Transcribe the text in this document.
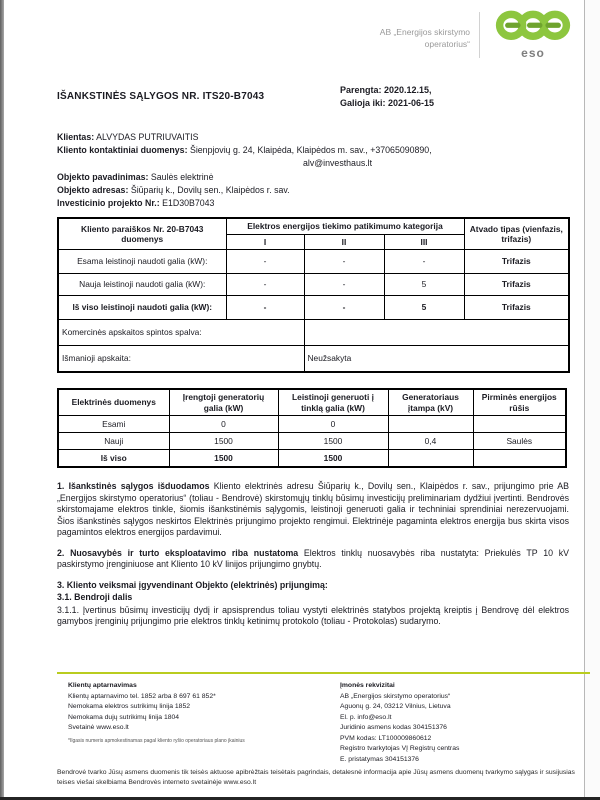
AB „Energijos skirstymo operatorius“
eso
IŠANKSTINĖS SĄLYGOS NR. ITS20-B7043
Parengta: 2020.12.15,
Galioja iki: 2021-06-15
Klientas: ALVYDAS PUTRIUVAITIS
Kliento kontaktiniai duomenys: Šienpjovių g. 24, Klaipėda, Klaipėdos m. sav., +37065090890,
alv@investhaus.lt
Objekto pavadinimas: Saulės elektrinė
Objekto adresas: Šiūparių k., Dovilų sen., Klaipėdos r. sav.
Investicinio projekto Nr.: E1D30B7043
Kliento paraiškos Nr. 20-B7043 duomenys	Elektros energijos tiekimo patikimumo kategorija			Atvado tipas (vienfazis, trifazis)
	I	II	III	
Esama leistinoji naudoti galia (kW):	-	-	-	Trifazis
Nauja leistinoji naudoti galia (kW):	-	-	5	Trifazis
Iš viso leistinoji naudoti galia (kW):	-	-	5	Trifazis
Komercinės apskaitos spintos spalva:				
Išmanioji apskaita:		Neužsakyta		
Elektrinės duomenys	Įrengtoji generatorių galia (kW)	Leistinoji generuoti į tinklą galia (kW)	Generatoriaus įtampa (kV)	Pirminės energijos rūšis
Esami	0	0		
Nauji	1500	1500	0,4	Saulės
Iš viso	1500	1500		

1. Išankstinės sąlygos išduodamos Kliento elektrinės adresu Šiūparių k., Dovilų sen., Klaipėdos r. sav., prijungimo prie AB „Energijos skirstymo operatorius“ (toliau - Bendrovė) skirstomųjų tinklų būsimų investicijų preliminariam dydžiui įvertinti. Bendrovės skirstomajame elektros tinkle, šiomis išankstinėmis sąlygomis, leistinoji generuoti galia ir techniniai sprendiniai nerezervuojami. Šios išankstinės sąlygos neskirtos Elektrinės prijungimo projekto rengimui. Elektrinėje pagaminta elektros energija bus skirta visos pagamintos elektros energijos pardavimui.

2. Nuosavybės ir turto eksploatavimo riba nustatoma Elektros tinklų nuosavybės riba nustatyta: Priekulės TP 10 kV paskirstymo įrenginiuose ant Kliento 10 kV linijos prijungimo gnybtų.

3. Kliento veiksmai įgyvendinant Objekto (elektrinės) prijungimą:

3.1. Bendroji dalis

3.1.1. Įvertinus būsimų investicijų dydį ir apsisprendus toliau vystyti elektrinės statybos projektą kreiptis į Bendrovę dėl elektros gamybos įrenginių prijungimo prie elektros tinklų ketinimų protokolo (toliau - Protokolas) sudarymo.

Klientų aptarnavimas
Klientų aptarnavimo tel. 1852 arba 8 697 61 852*
Nemokama elektros sutrikimų linija 1852
Nemokama dujų sutrikimų linija 1804
Svetainė www.eso.lt
*Ilgasis numeris apmokestinamas pagal kliento ryšio operatoriaus plano įkainius
Įmonės rekvizitai
AB „Energijos skirstymo operatorius“
Aguonų g. 24, 03212 Vilnius, Lietuva
El. p. info@eso.lt
Juridinio asmens kodas 304151376
PVM kodas: LT100009860612
Registro tvarkytojas VĮ Registrų centras
E. pristatymas 304151376
Bendrovė tvarko Jūsų asmens duomenis tik teisės aktuose apibrėžtais teisėtais pagrindais, detalesnė informacija apie Jūsų asmens duomenų tvarkymo sąlygas ir susijusias teises viešai skelbiama Bendrovės interneto svetainėje www.eso.lt
